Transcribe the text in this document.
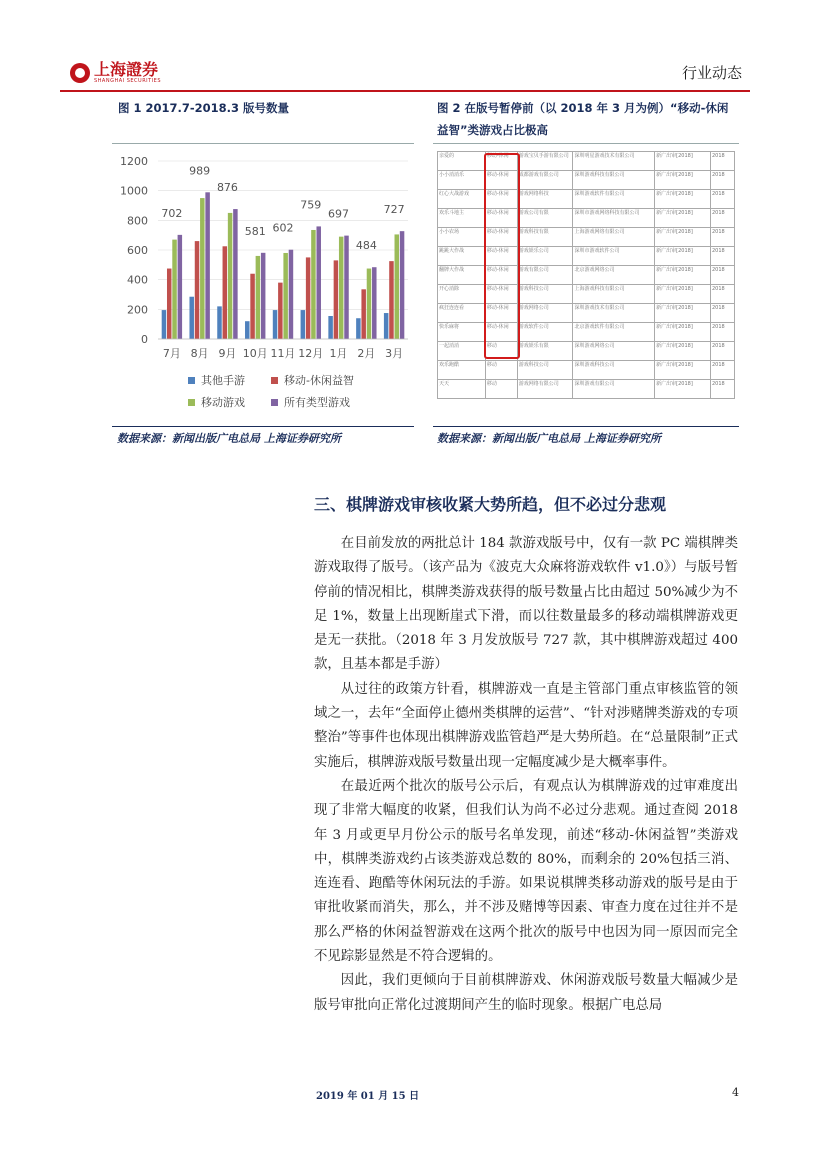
上海證券
SHANGHAI SECURITIES	行业动态
图 1 2017.7-2018.3 版号数量
0
200
400
600
800
1000
1200
702
989
876
581 602
759
697
484
727
7月 8月 9月 10月 11月 12月 1月 2月 3月
其他手游	移动-休闲益智
移动游戏	所有类型游戏
数据来源：新闻出版广电总局 上海证券研究所
图 2 在版号暂停前（以 2018 年 3 月为例）“移动-休闲
益智”类游戏占比极高
亲爱的	移动-休闲	游戏宝贝手游有限公司	深圳明星游戏技术有限公司	新广出审[2018]	2018
小小消消乐	移动-休闲	成都游戏有限公司	深圳游戏科技有限公司	新广出审[2018]	2018
红心大战游戏	移动-休闲	游戏网络科技	深圳游戏软件有限公司	新广出审[2018]	2018
欢乐斗地主	移动-休闲	游戏公司有限	深圳市游戏网络科技有限公司	新广出审[2018]	2018
小小农场	移动-休闲	游戏科技有限	上海游戏网络有限公司	新广出审[2018]	2018
跳跳大作战	移动-休闲	游戏娱乐公司	深圳市游戏软件公司	新广出审[2018]	2018
翻牌大作战	移动-休闲	游戏有限公司	北京游戏网络公司	新广出审[2018]	2018
开心消除	移动-休闲	游戏科技公司	上海游戏科技有限公司	新广出审[2018]	2018
疯狂连连看	移动-休闲	游戏网络公司	深圳游戏技术有限公司	新广出审[2018]	2018
快乐麻将	移动-休闲	游戏软件公司	北京游戏软件有限公司	新广出审[2018]	2018
一起消消	移动	游戏娱乐有限	深圳游戏网络公司	新广出审[2018]	2018
欢乐跑酷	移动	游戏科技公司	深圳游戏科技公司	新广出审[2018]	2018
天天	移动	游戏网络有限公司	深圳游戏有限公司	新广出审[2018]	2018
数据来源：新闻出版广电总局 上海证券研究所
三、棋牌游戏审核收紧大势所趋，但不必过分悲观

在目前发放的两批总计 184 款游戏版号中，仅有一款 PC 端棋牌类游戏取得了版号。（该产品为《波克大众麻将游戏软件 v1.0》）与版号暂停前的情况相比，棋牌类游戏获得的版号数量占比由超过 50%减少为不足 1%，数量上出现断崖式下滑，而以往数量最多的移动端棋牌游戏更是无一获批。（2018 年 3 月发放版号 727 款，其中棋牌游戏超过 400 款，且基本都是手游）

从过往的政策方针看，棋牌游戏一直是主管部门重点审核监管的领域之一，去年“全面停止德州类棋牌的运营”、“针对涉赌牌类游戏的专项整治”等事件也体现出棋牌游戏监管趋严是大势所趋。在“总量限制”正式实施后，棋牌游戏版号数量出现一定幅度减少是大概率事件。

在最近两个批次的版号公示后，有观点认为棋牌游戏的过审难度出现了非常大幅度的收紧，但我们认为尚不必过分悲观。通过查阅 2018 年 3 月或更早月份公示的版号名单发现，前述“移动-休闲益智”类游戏中，棋牌类游戏约占该类游戏总数的 80%，而剩余的 20%包括三消、连连看、跑酷等休闲玩法的手游。如果说棋牌类移动游戏的版号是由于审批收紧而消失，那么，并不涉及赌博等因素、审查力度在过往并不是那么严格的休闲益智游戏在这两个批次的版号中也因为同一原因而完全不见踪影显然是不符合逻辑的。

因此，我们更倾向于目前棋牌游戏、休闲游戏版号数量大幅减少是版号审批向正常化过渡期间产生的临时现象。根据广电总局

2019 年 01 月 15 日	4
